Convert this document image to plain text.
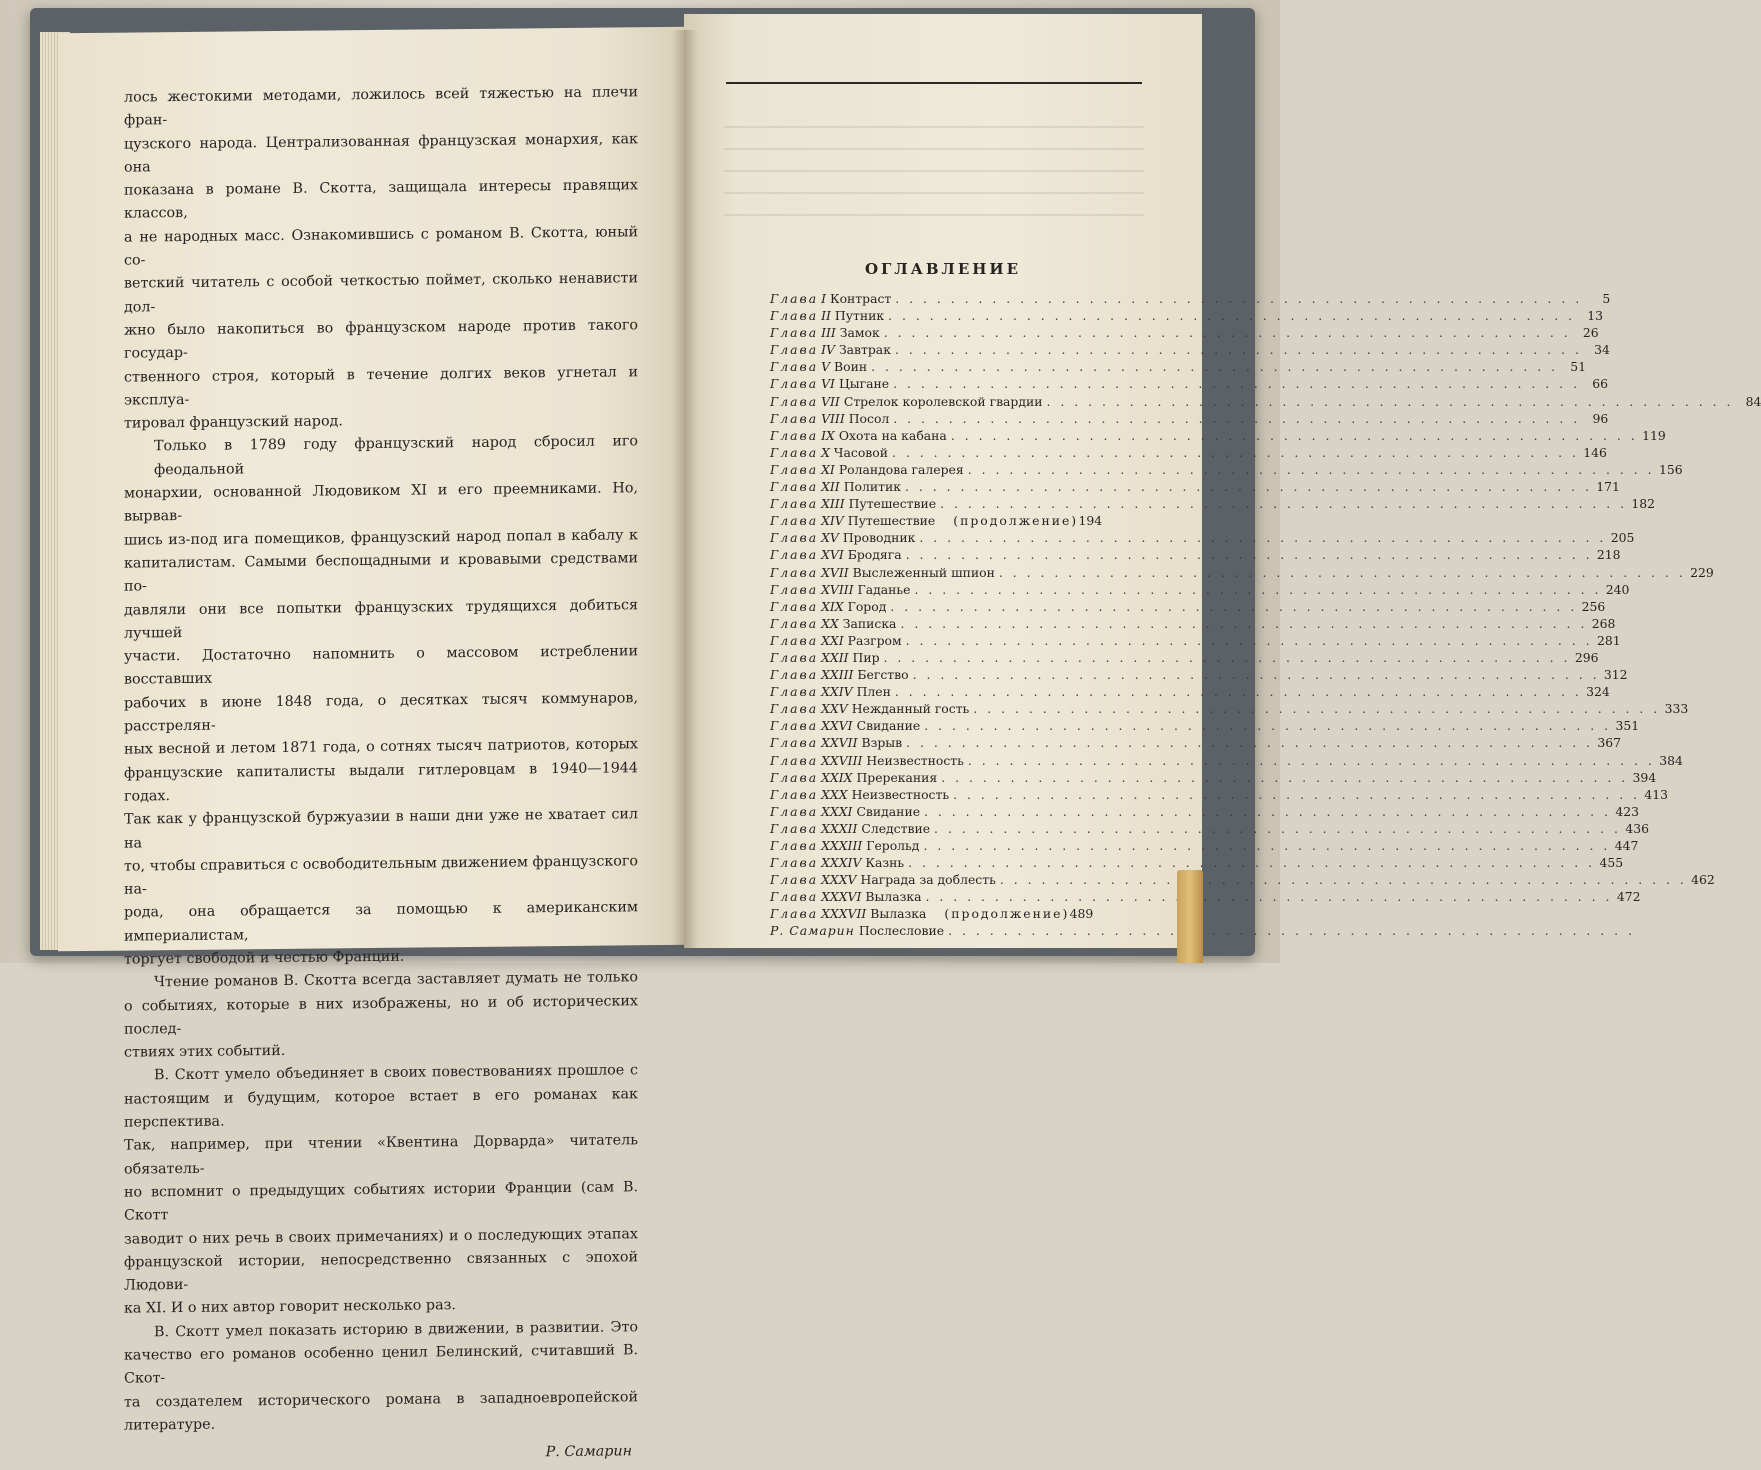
лось жестокими методами, ложилось всей тяжестью на плечи фран-
цузского народа. Централизованная французская монархия, как она
показана в романе В. Скотта, защищала интересы правящих классов,
а не народных масс. Ознакомившись с романом В. Скотта, юный со-
ветский читатель с особой четкостью поймет, сколько ненависти дол-
жно было накопиться во французском народе против такого государ-
ственного строя, который в течение долгих веков угнетал и эксплуа-
тировал французский народ.
Только в 1789 году французский народ сбросил иго феодальной
монархии, основанной Людовиком XI и его преемниками. Но, вырвав-
шись из-под ига помещиков, французский народ попал в кабалу к
капиталистам. Самыми беспощадными и кровавыми средствами по-
давляли они все попытки французских трудящихся добиться лучшей
участи. Достаточно напомнить о массовом истреблении восставших
рабочих в июне 1848 года, о десятках тысяч коммунаров, расстрелян-
ных весной и летом 1871 года, о сотнях тысяч патриотов, которых
французские капиталисты выдали гитлеровцам в 1940—1944 годах.
Так как у французской буржуазии в наши дни уже не хватает сил на
то, чтобы справиться с освободительным движением французского на-
рода, она обращается за помощью к американским империалистам,
торгует свободой и честью Франции.
Чтение романов В. Скотта всегда заставляет думать не только
о событиях, которые в них изображены, но и об исторических послед-
ствиях этих событий.
В. Скотт умело объединяет в своих повествованиях прошлое с
настоящим и будущим, которое встает в его романах как перспектива.
Так, например, при чтении «Квентина Дорварда» читатель обязатель-
но вспомнит о предыдущих событиях истории Франции (сам В. Скотт
заводит о них речь в своих примечаниях) и о последующих этапах
французской истории, непосредственно связанных с эпохой Людови-
ка XI. И о них автор говорит несколько раз.
В. Скотт умел показать историю в движении, в развитии. Это
качество его романов особенно ценил Белинский, считавший В. Скот-
та создателем исторического романа в западноевропейской литературе.
Р. Самарин
ОГЛАВЛЕНИЕ
Глава I Контраст . . .	5
Глава II Путник . . .	13
Глава III Замок . . .	26
Глава IV Завтрак . . .	34
Глава V Воин . . .	51
Глава VI Цыгане . . .	66
Глава VII Стрелок королевской гвардии . . .	84
Глава VIII Посол . . .	96
Глава IX Охота на кабана . . .	119
Глава X Часовой . . .	146
Глава XI Роландова галерея . . .	156
Глава XII Политик . . .	171
Глава XIII Путешествие . . .	182
Глава XIV Путешествие (продолжение) 194
Глава XV Проводник . . .	205
Глава XVI Бродяга . . .	218
Глава XVII Выслеженный шпион . . .	229
Глава XVIII Гаданье . . .	240
Глава XIX Город . . .	256
Глава XX Записка . . .	268
Глава XXI Разгром . . .	281
Глава XXII Пир . . .	296
Глава XXIII Бегство . . .	312
Глава XXIV Плен . . .	324
Глава XXV Нежданный гость . . .	333
Глава XXVI Свидание . . .	351
Глава XXVII Взрыв . . .	367
Глава XXVIII Неизвестность . . .	384
Глава XXIX Пререкания . . .	394
Глава XXX Неизвестность . . .	413
Глава XXXI Свидание . . .	423
Глава XXXII Следствие . . .	436
Глава XXXIII Герольд . . .	447
Глава XXXIV Казнь . . .	455
Глава XXXV Награда за доблесть . . .	462
Глава XXXVI Вылазка . . .	472
Глава XXXVII Вылазка (продолжение) 489
Р. Самарин Послесловие
. . .
